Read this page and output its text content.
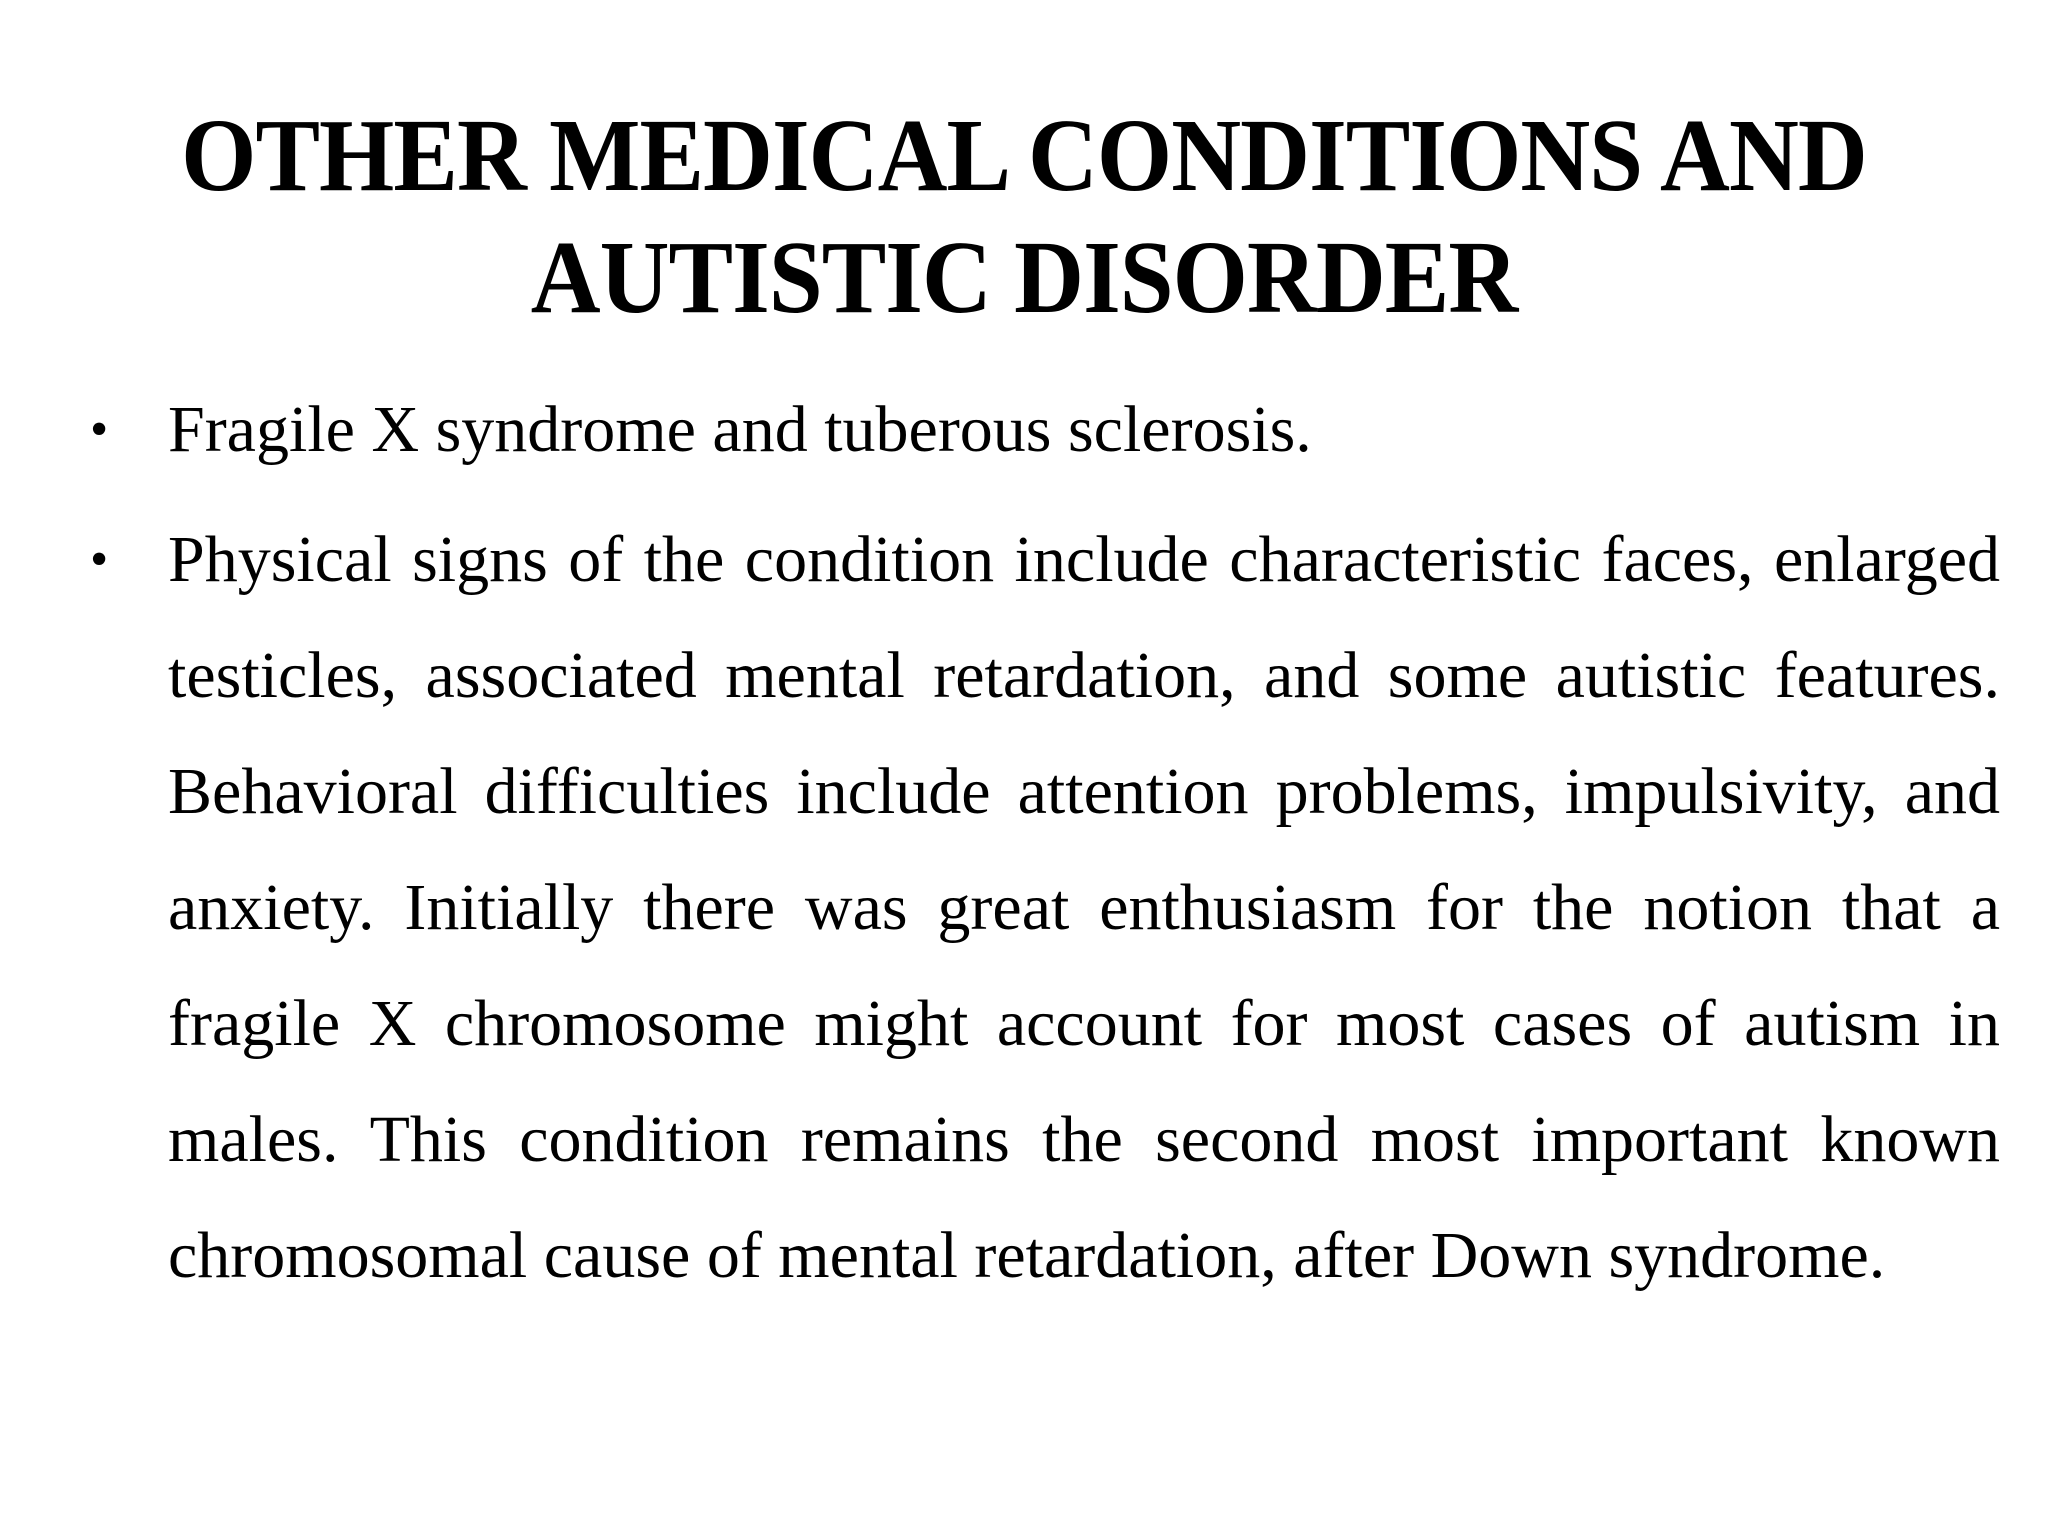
OTHER MEDICAL CONDITIONS AND
AUTISTIC DISORDER
• Fragile X syndrome and tuberous sclerosis.
• Physical signs of the condition include characteristic faces, enlarged testicles, associated mental retardation, and some autistic features. Behavioral difficulties include attention problems, impulsivity, and anxiety. Initially there was great enthusiasm for the notion that a fragile X chromosome might account for most cases of autism in males. This condition remains the second most important known chromosomal cause of mental retardation, after Down syndrome.
